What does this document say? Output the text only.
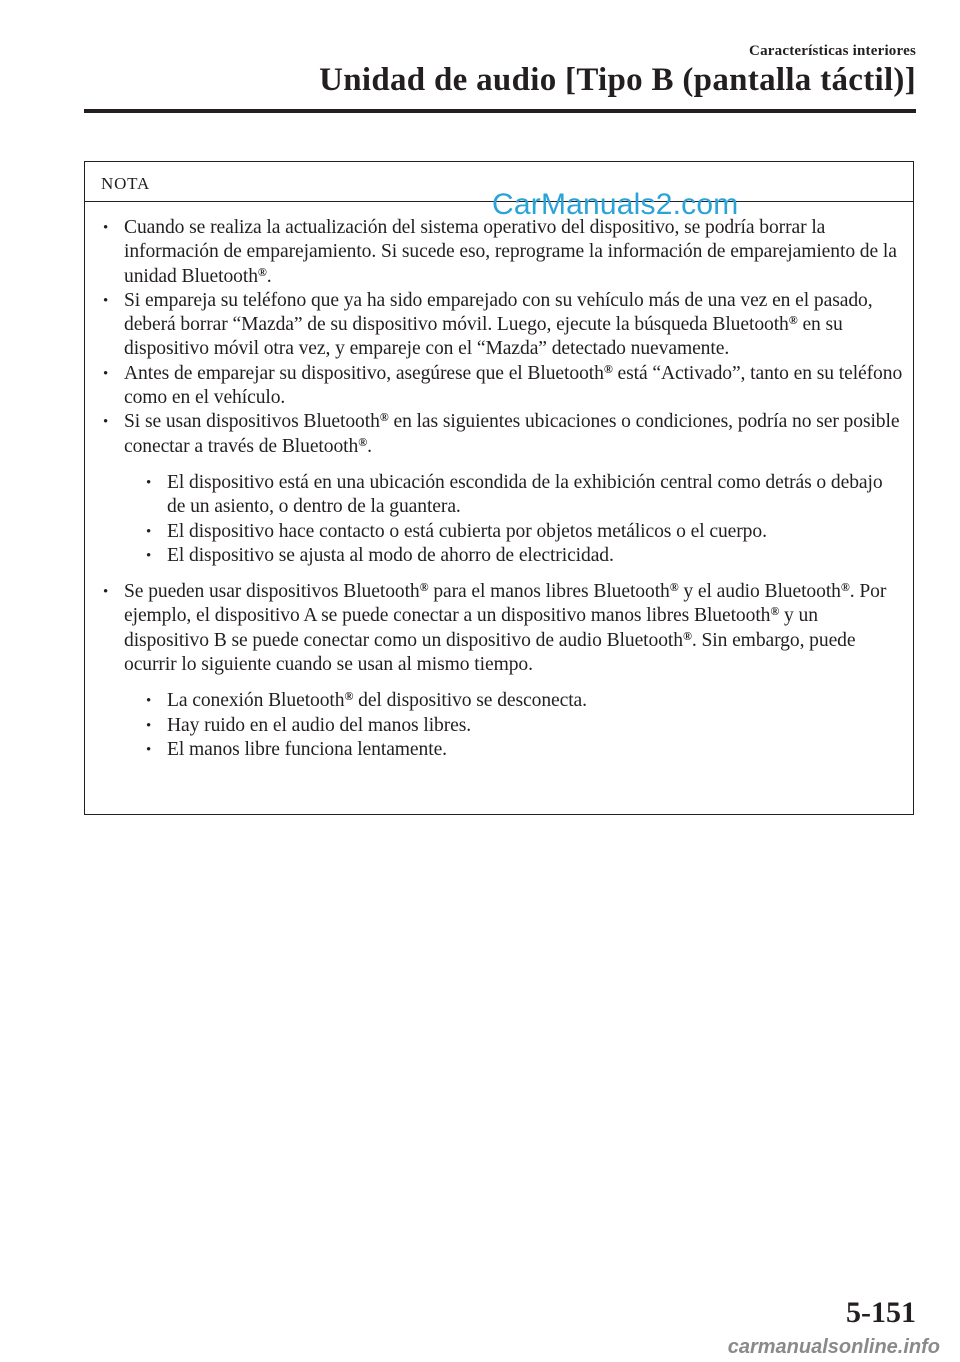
Características interiores
Unidad de audio [Tipo B (pantalla táctil)]
NOTA
• Cuando se realiza la actualización del sistema operativo del dispositivo, se podría borrar la información de emparejamiento. Si sucede eso, reprograme la información de emparejamiento de la unidad Bluetooth®.
• Si empareja su teléfono que ya ha sido emparejado con su vehículo más de una vez en el pasado, deberá borrar “Mazda” de su dispositivo móvil. Luego, ejecute la búsqueda Bluetooth® en su dispositivo móvil otra vez, y empareje con el “Mazda” detectado nuevamente.
• Antes de emparejar su dispositivo, asegúrese que el Bluetooth® está “Activado”, tanto en su teléfono como en el vehículo.
• Si se usan dispositivos Bluetooth® en las siguientes ubicaciones o condiciones, podría no ser posible conectar a través de Bluetooth®.
• El dispositivo está en una ubicación escondida de la exhibición central como detrás o debajo de un asiento, o dentro de la guantera.
• El dispositivo hace contacto o está cubierta por objetos metálicos o el cuerpo.
• El dispositivo se ajusta al modo de ahorro de electricidad.
• Se pueden usar dispositivos Bluetooth® para el manos libres Bluetooth® y el audio Bluetooth®. Por ejemplo, el dispositivo A se puede conectar a un dispositivo manos libres Bluetooth® y un dispositivo B se puede conectar como un dispositivo de audio Bluetooth®. Sin embargo, puede ocurrir lo siguiente cuando se usan al mismo tiempo.
• La conexión Bluetooth® del dispositivo se desconecta.
• Hay ruido en el audio del manos libres.
• El manos libre funciona lentamente.
CarManuals2.com
5-151
carmanualsonline.info
